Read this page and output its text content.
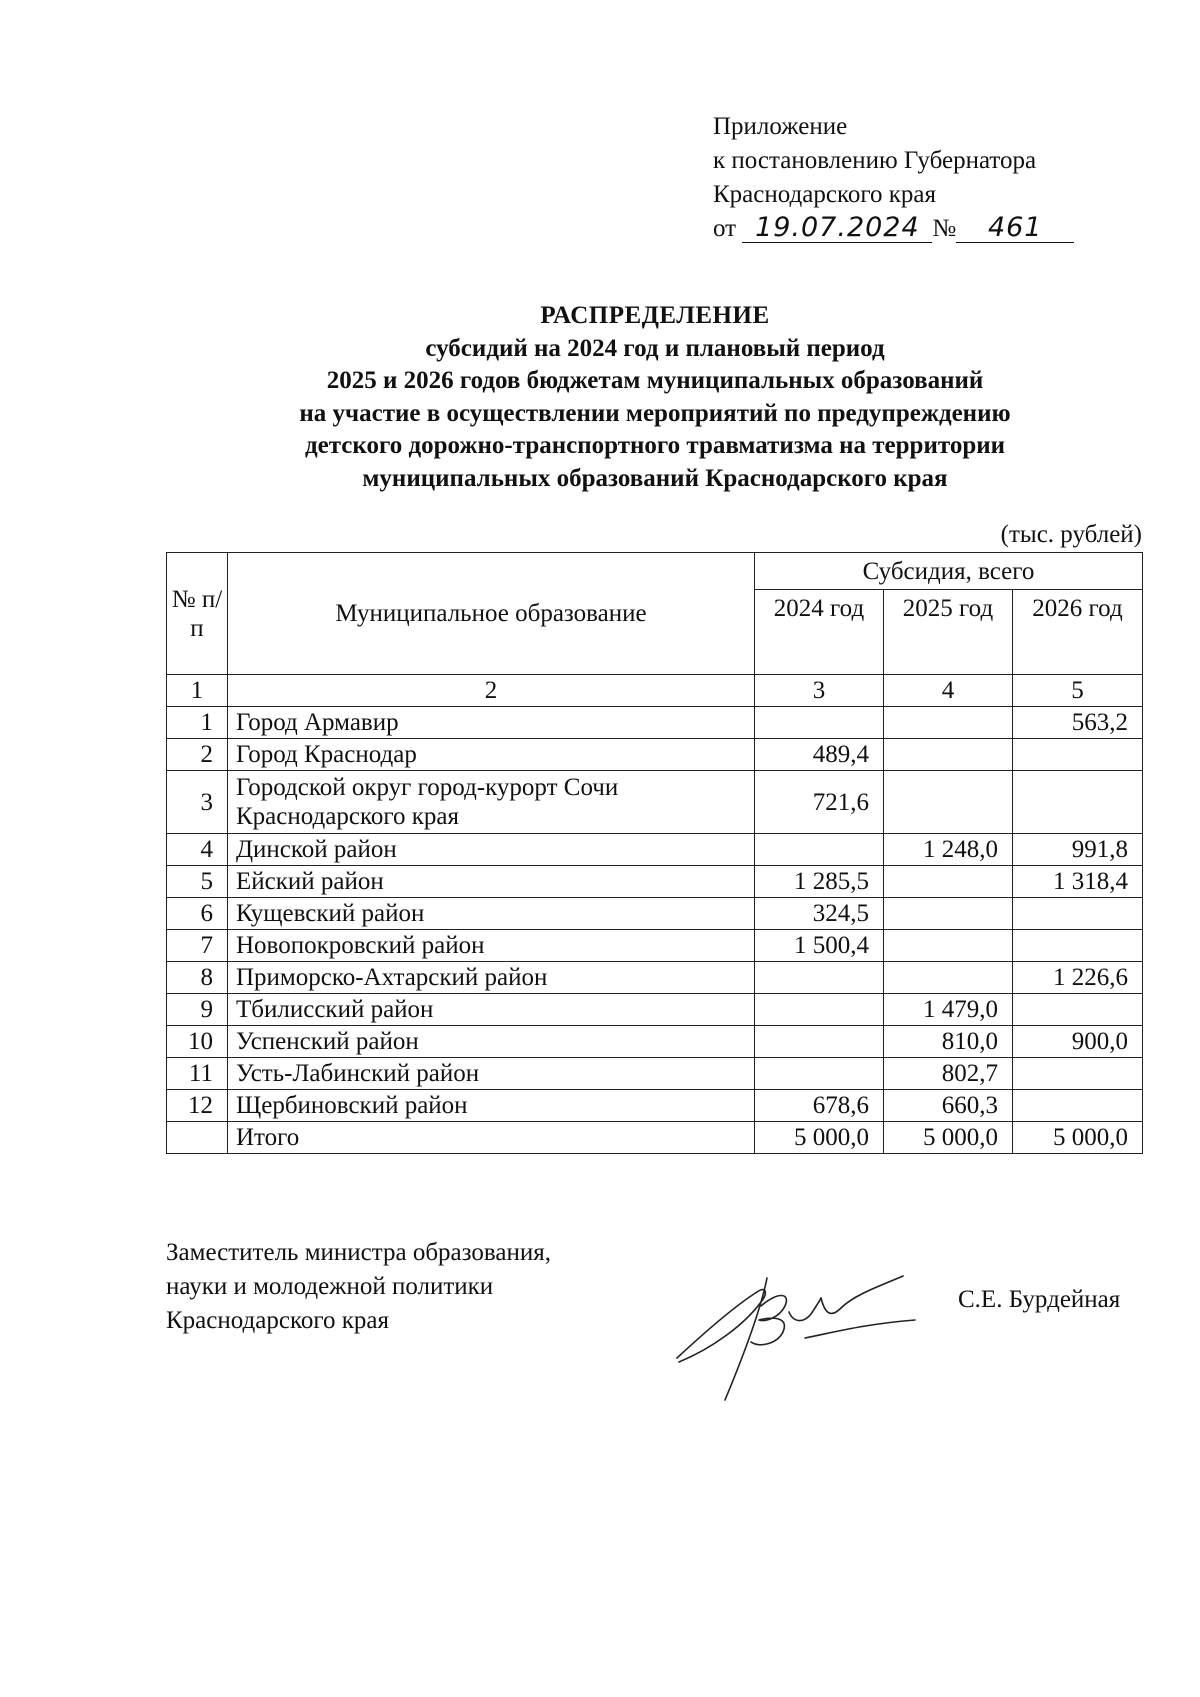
Приложение
к постановлению Губернатора
Краснодарского края
от 19.07.2024 № 461
РАСПРЕДЕЛЕНИЕ
субсидий на 2024 год и плановый период
2025 и 2026 годов бюджетам муниципальных образований
на участие в осуществлении мероприятий по предупреждению
детского дорожно-транспортного травматизма на территории
муниципальных образований Краснодарского края
(тыс. рублей)
№ п/п	Муниципальное образование	Субсидия, всего		
		2024 год	2025 год	2026 год
1	2	3	4	5
1	Город Армавир			563,2
2	Город Краснодар	489,4		
3	Городской округ город-курорт Сочи Краснодарского края	721,6		
4	Динской район		1 248,0	991,8
5	Ейский район	1 285,5		1 318,4
6	Кущевский район	324,5		
7	Новопокровский район	1 500,4		
8	Приморско-Ахтарский район			1 226,6
9	Тбилисский район		1 479,0	
10	Успенский район		810,0	900,0
11	Усть-Лабинский район		802,7	
12	Щербиновский район	678,6	660,3	
	Итого	5 000,0	5 000,0	5 000,0
Заместитель министра образования,
науки и молодежной политики
Краснодарского края
С.Е. Бурдейная
